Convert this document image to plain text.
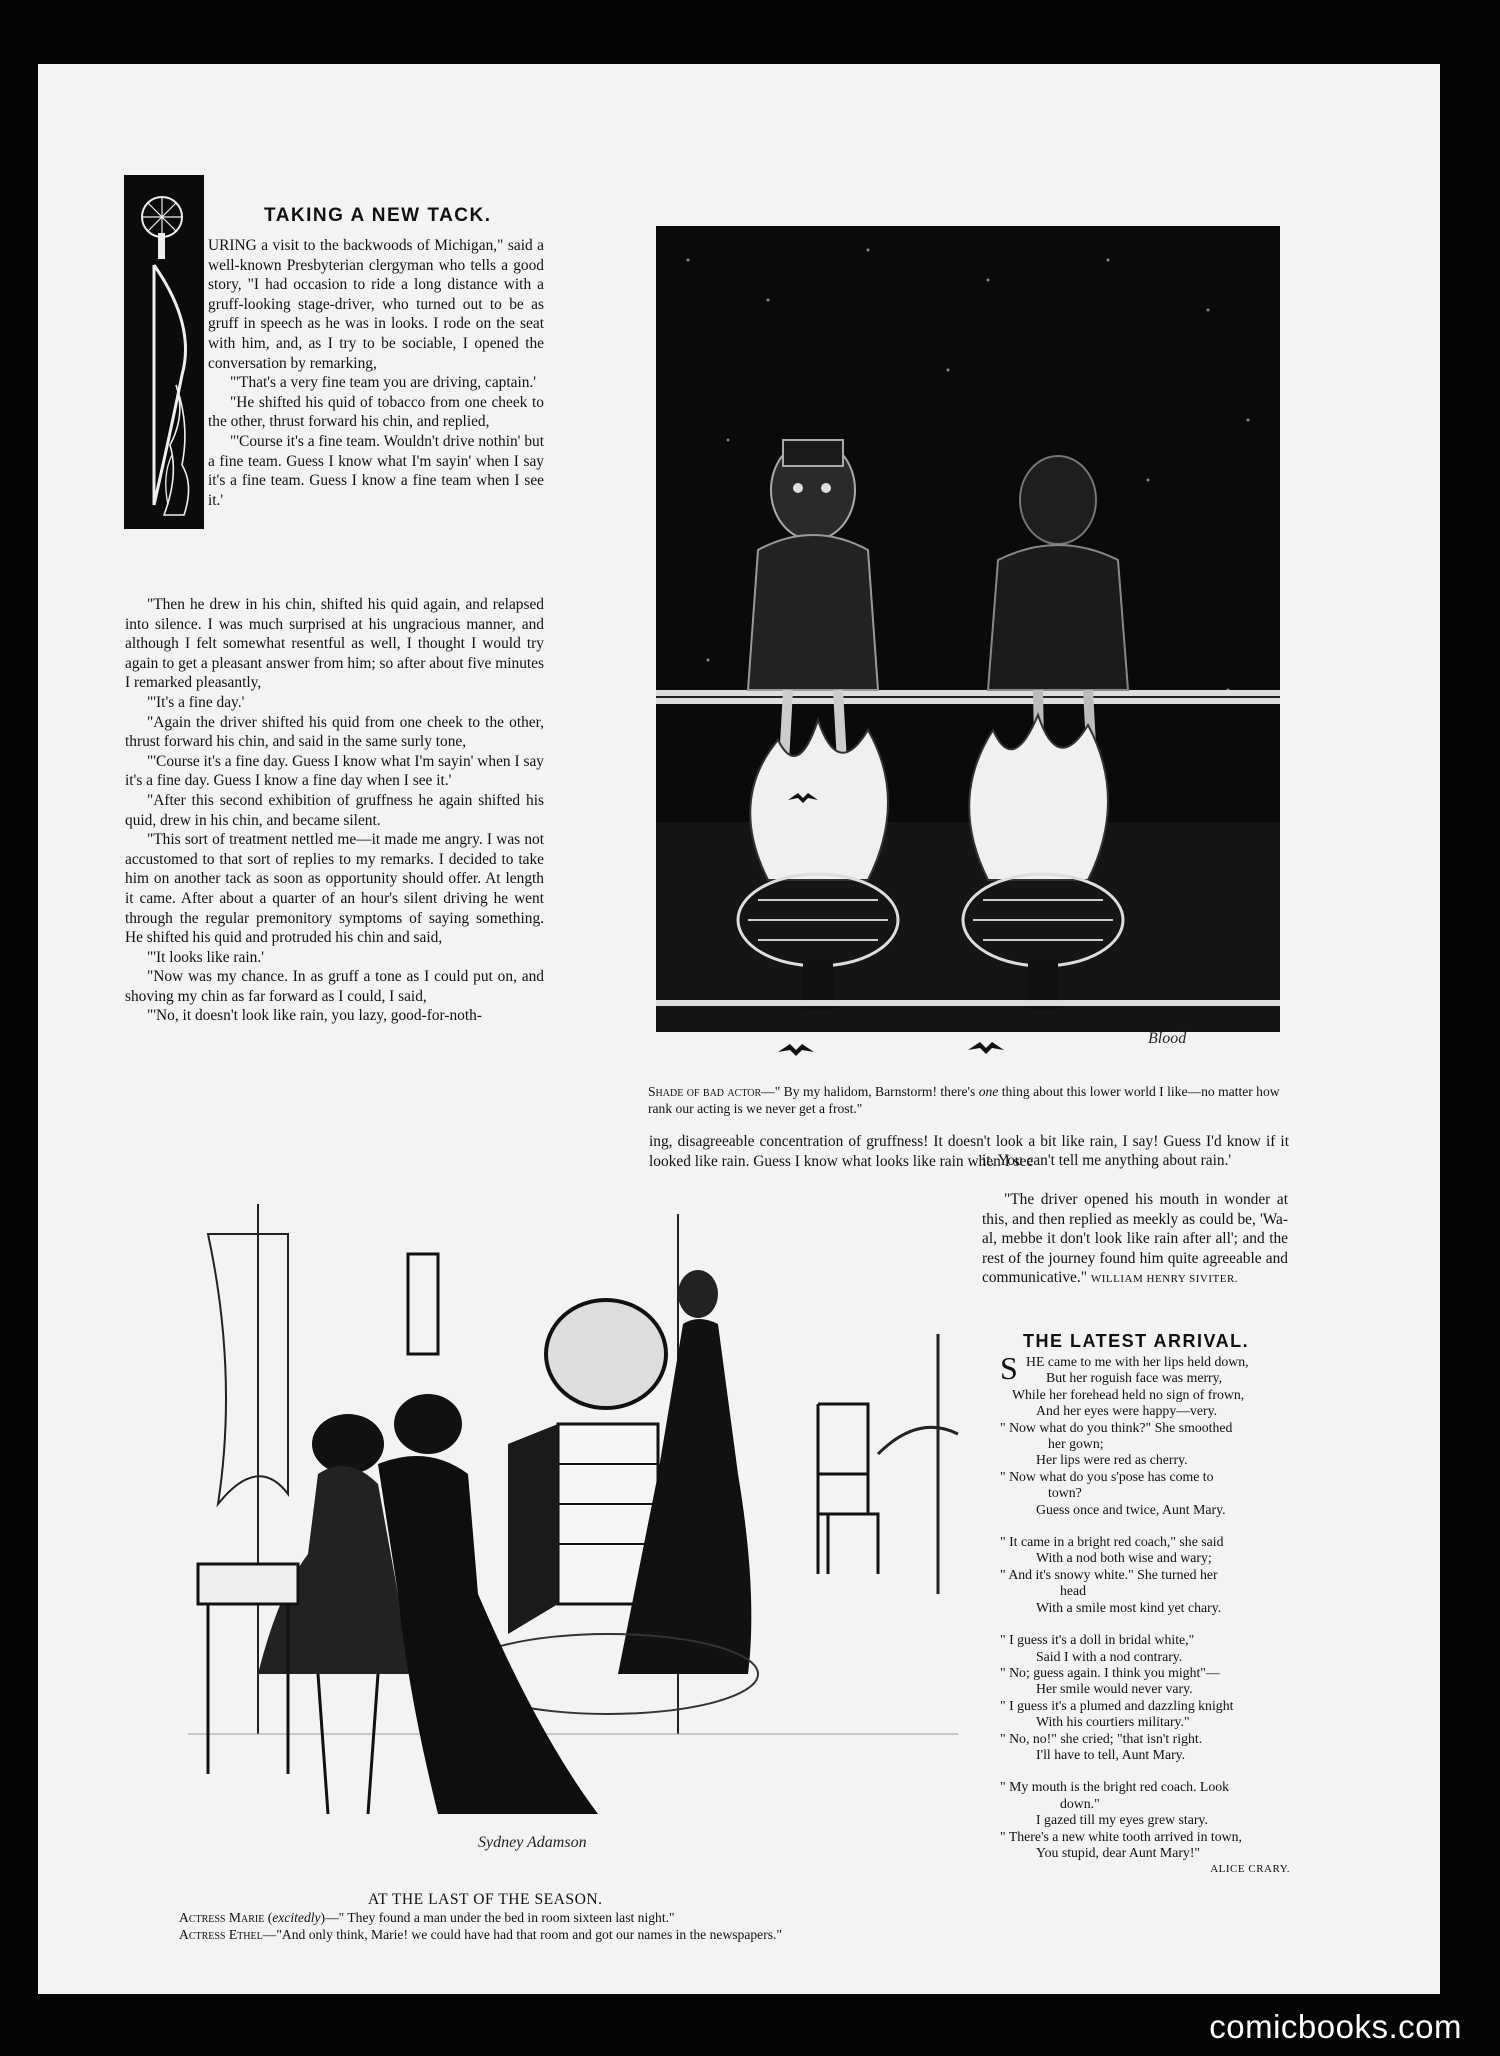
TAKING A NEW TACK.

URING a visit to the backwoods of Michigan," said a well-known Presbyterian clergyman who tells a good story, "I had occasion to ride a long distance with a gruff-looking stage-driver, who turned out to be as gruff in speech as he was in looks. I rode on the seat with him, and, as I try to be sociable, I opened the conversation by remarking,

"'That's a very fine team you are driving, captain.'

"He shifted his quid of tobacco from one cheek to the other, thrust forward his chin, and replied,

"'Course it's a fine team. Wouldn't drive nothin' but a fine team. Guess I know what I'm sayin' when I say it's a fine team. Guess I know a fine team when I see it.'

"Then he drew in his chin, shifted his quid again, and relapsed into silence. I was much surprised at his ungracious manner, and although I felt somewhat resentful as well, I thought I would try again to get a pleasant answer from him; so after about five minutes I remarked pleasantly,

"'It's a fine day.'

"Again the driver shifted his quid from one cheek to the other, thrust forward his chin, and said in the same surly tone,

"'Course it's a fine day. Guess I know what I'm sayin' when I say it's a fine day. Guess I know a fine day when I see it.'

"After this second exhibition of gruffness he again shifted his quid, drew in his chin, and became silent.

"This sort of treatment nettled me—it made me angry. I was not accustomed to that sort of replies to my remarks. I decided to take him on another tack as soon as opportunity should offer. At length it came. After about a quarter of an hour's silent driving he went through the regular premonitory symptoms of saying something. He shifted his quid and protruded his chin and said,

"'It looks like rain.'

"Now was my chance. In as gruff a tone as I could put on, and shoving my chin as far forward as I could, I said,

"'No, it doesn't look like rain, you lazy, good-for-noth-

Blood
Shade of bad actor—" By my halidom, Barnstorm! there's one thing about this lower world I like—no matter how rank our acting is we never get a frost."
ing, disagreeable concentration of gruffness! It doesn't look a bit like rain, I say! Guess I'd know if it looked like rain. Guess I know what looks like rain when I see
it. You can't tell me anything about rain.'

"The driver opened his mouth in wonder at this, and then replied as meekly as could be, 'Wa-al, mebbe it don't look like rain after all'; and the rest of the journey found him quite agreeable and communicative." WILLIAM HENRY SIVITER.

Sydney Adamson
AT THE LAST OF THE SEASON.
Actress Marie (excitedly)—" They found a man under the bed in room sixteen last night."
Actress Ethel—"And only think, Marie! we could have had that room and got our names in the newspapers."
THE LATEST ARRIVAL.
S HE came to me with her lips held down,
But her roguish face was merry,
While her forehead held no sign of frown,
And her eyes were happy—very.
" Now what do you think?" She smoothed
her gown;
Her lips were red as cherry.
" Now what do you s'pose has come to
town?
Guess once and twice, Aunt Mary.
" It came in a bright red coach," she said
With a nod both wise and wary;
" And it's snowy white." She turned her
head
With a smile most kind yet chary.
" I guess it's a doll in bridal white,"
Said I with a nod contrary.
" No; guess again. I think you might"—
Her smile would never vary.
" I guess it's a plumed and dazzling knight
With his courtiers military."
" No, no!" she cried; "that isn't right.
I'll have to tell, Aunt Mary.
" My mouth is the bright red coach. Look
down."
I gazed till my eyes grew stary.
" There's a new white tooth arrived in town,
You stupid, dear Aunt Mary!"
ALICE CRARY.
comicbooks.com
